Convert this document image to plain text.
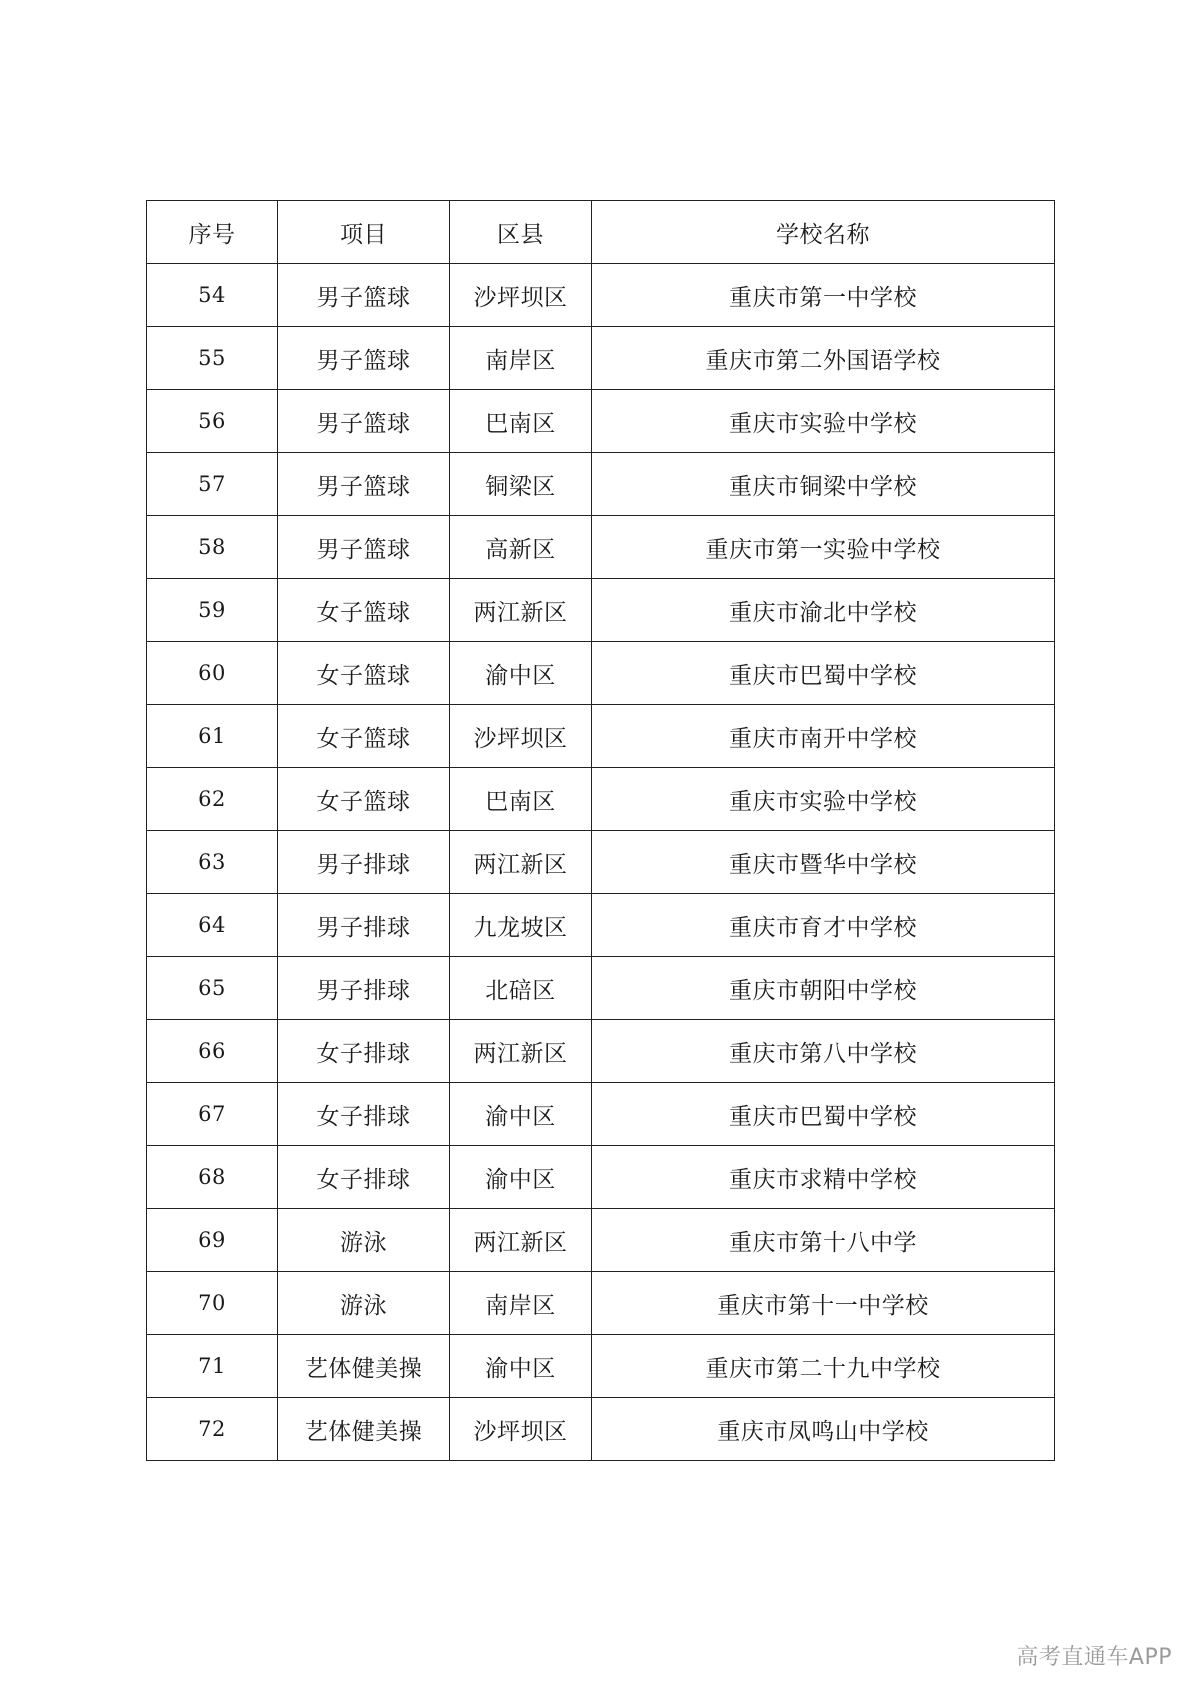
序号	项目	区县	学校名称
54	男子篮球	沙坪坝区	重庆市第一中学校
55	男子篮球	南岸区	重庆市第二外国语学校
56	男子篮球	巴南区	重庆市实验中学校
57	男子篮球	铜梁区	重庆市铜梁中学校
58	男子篮球	高新区	重庆市第一实验中学校
59	女子篮球	两江新区	重庆市渝北中学校
60	女子篮球	渝中区	重庆市巴蜀中学校
61	女子篮球	沙坪坝区	重庆市南开中学校
62	女子篮球	巴南区	重庆市实验中学校
63	男子排球	两江新区	重庆市暨华中学校
64	男子排球	九龙坡区	重庆市育才中学校
65	男子排球	北碚区	重庆市朝阳中学校
66	女子排球	两江新区	重庆市第八中学校
67	女子排球	渝中区	重庆市巴蜀中学校
68	女子排球	渝中区	重庆市求精中学校
69	游泳	两江新区	重庆市第十八中学
70	游泳	南岸区	重庆市第十一中学校
71	艺体健美操	渝中区	重庆市第二十九中学校
72	艺体健美操	沙坪坝区	重庆市凤鸣山中学校
高考直通车APP
